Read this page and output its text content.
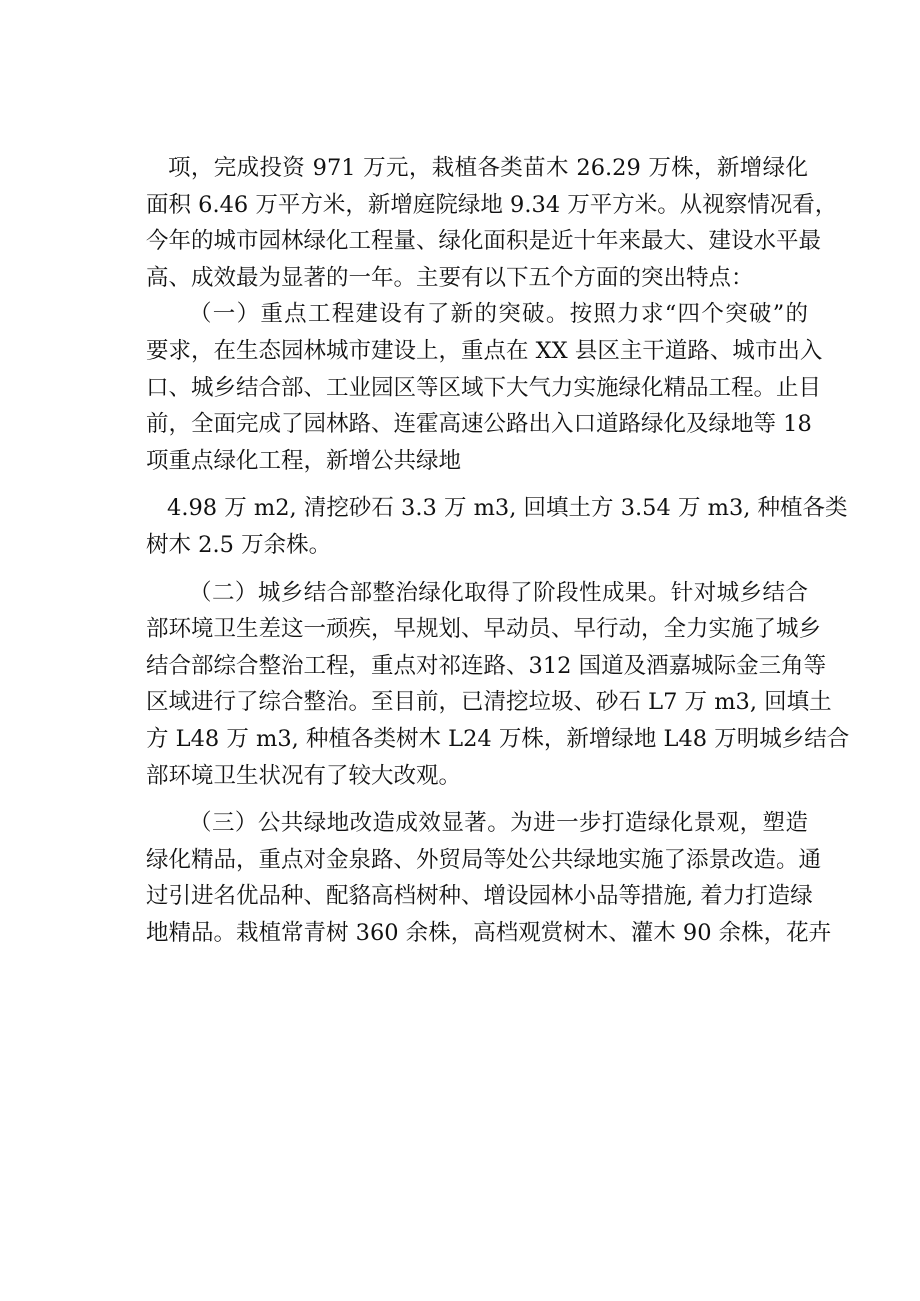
项，完成投资 971 万元，栽植各类苗木 26.29 万株，新增绿化
面积 6.46 万平方米，新增庭院绿地 9.34 万平方米。从视察情况看，
今年的城市园林绿化工程量、绿化面积是近十年来最大、建设水平最
高、成效最为显著的一年。主要有以下五个方面的突出特点：
（一）重点工程建设有了新的突破。按照力求“四个突破”的
要求，在生态园林城市建设上，重点在 XX 县区主干道路、城市出入
口、城乡结合部、工业园区等区域下大气力实施绿化精品工程。止目
前，全面完成了园林路、连霍高速公路出入口道路绿化及绿地等 18
项重点绿化工程，新增公共绿地
4.98 万 m2, 清挖砂石 3.3 万 m3, 回填土方 3.54 万 m3, 种植各类
树木 2.5 万余株。
（二）城乡结合部整治绿化取得了阶段性成果。针对城乡结合
部环境卫生差这一顽疾，早规划、早动员、早行动，全力实施了城乡
结合部综合整治工程，重点对祁连路、312 国道及酒嘉城际金三角等
区域进行了综合整治。至目前，已清挖垃圾、砂石 L7 万 m3, 回填土
方 L48 万 m3, 种植各类树木 L24 万株，新增绿地 L48 万明城乡结合
部环境卫生状况有了较大改观。
（三）公共绿地改造成效显著。为进一步打造绿化景观，塑造
绿化精品，重点对金泉路、外贸局等处公共绿地实施了添景改造。通
过引进名优品种、配貉高档树种、增设园林小品等措施, 着力打造绿
地精品。栽植常青树 360 余株，高档观赏树木、灌木 90 余株，花卉
